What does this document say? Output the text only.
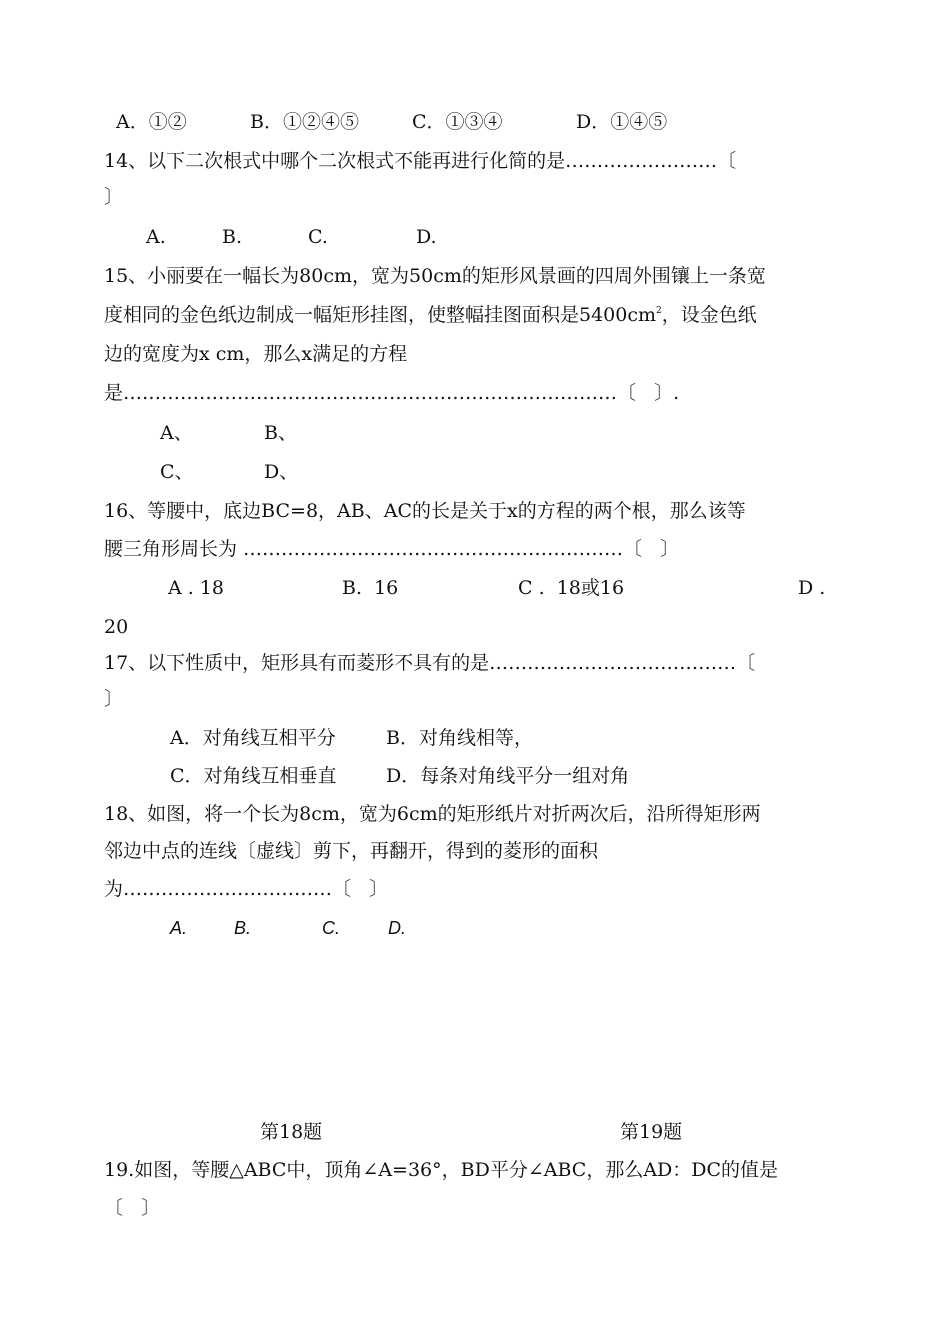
A．①②	B．①②④⑤	C．①③④	D．①④⑤
14、以下二次根式中哪个二次根式不能再进行化简的是……………………〔
〕
A.	B.	C.	D.
15、小丽要在一幅长为80cm，宽为50cm的矩形风景画的四周外围镶上一条宽
度相同的金色纸边制成一幅矩形挂图，使整幅挂图面积是$5400cm^2$，设金色纸
边的宽度为x cm，那么x满足的方程
是……………………………………………………………………〔   〕.
A、	B、
C、	D、
16、等腰中，底边BC=8，AB、AC的长是关于x的方程的两个根，那么该等
腰三角形周长为 ……………………………………………………〔   〕
A . 18	B.  16	C .  18或16	D .
20
17、以下性质中，矩形具有而菱形不具有的是…………………………………〔
〕
A．对角线互相平分	B．对角线相等，
C．对角线互相垂直	D．每条对角线平分一组对角
18、如图，将一个长为8cm，宽为6cm的矩形纸片对折两次后，沿所得矩形两
邻边中点的连线〔虚线〕剪下，再翻开，得到的菱形的面积
为……………………………〔   〕
A.	B.	C.	D.
第18题	第19题
19.如图，等腰△ABC中，顶角∠A=36°，BD平分∠ABC，那么AD：DC的值是
〔   〕
